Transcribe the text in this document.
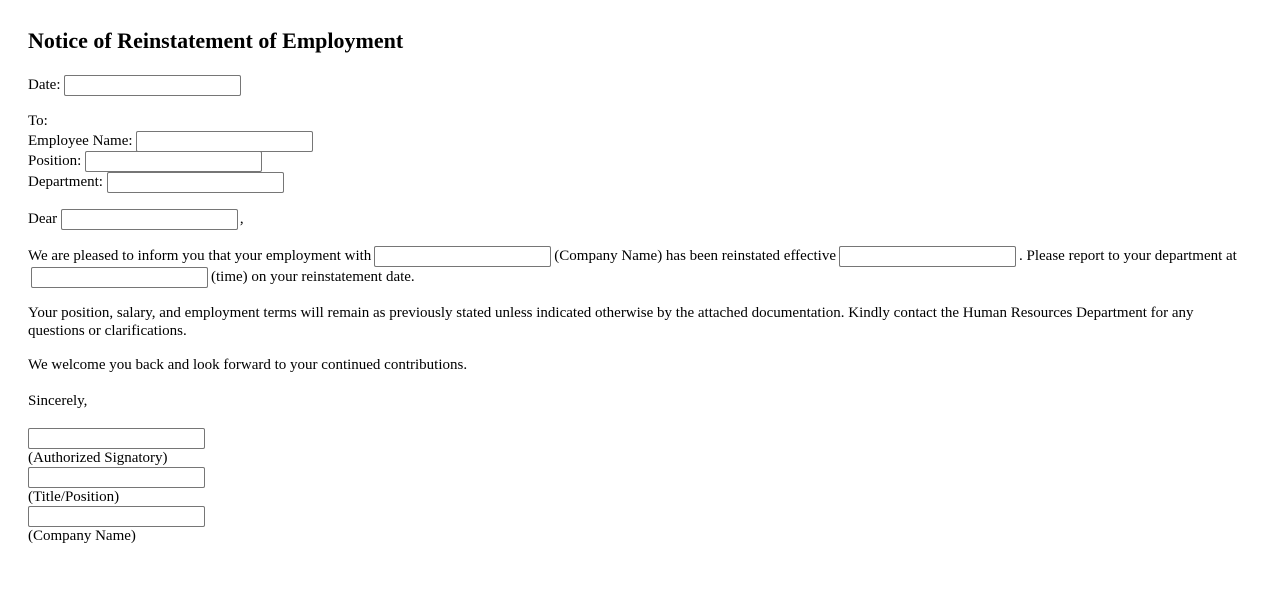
Notice of Reinstatement of Employment
Date:
To:
Employee Name:
Position:
Department:
Dear	,
We are pleased to inform you that your employment with	(Company Name) has been reinstated effective	. Please report to your department at(time) on your reinstatement date.
Your position, salary, and employment terms will remain as previously stated unless indicated otherwise by the attached documentation. Kindly contact the Human Resources Department for any questions or clarifications.
We welcome you back and look forward to your continued contributions.
Sincerely,
(Authorized Signatory)
(Title/Position)
(Company Name)
